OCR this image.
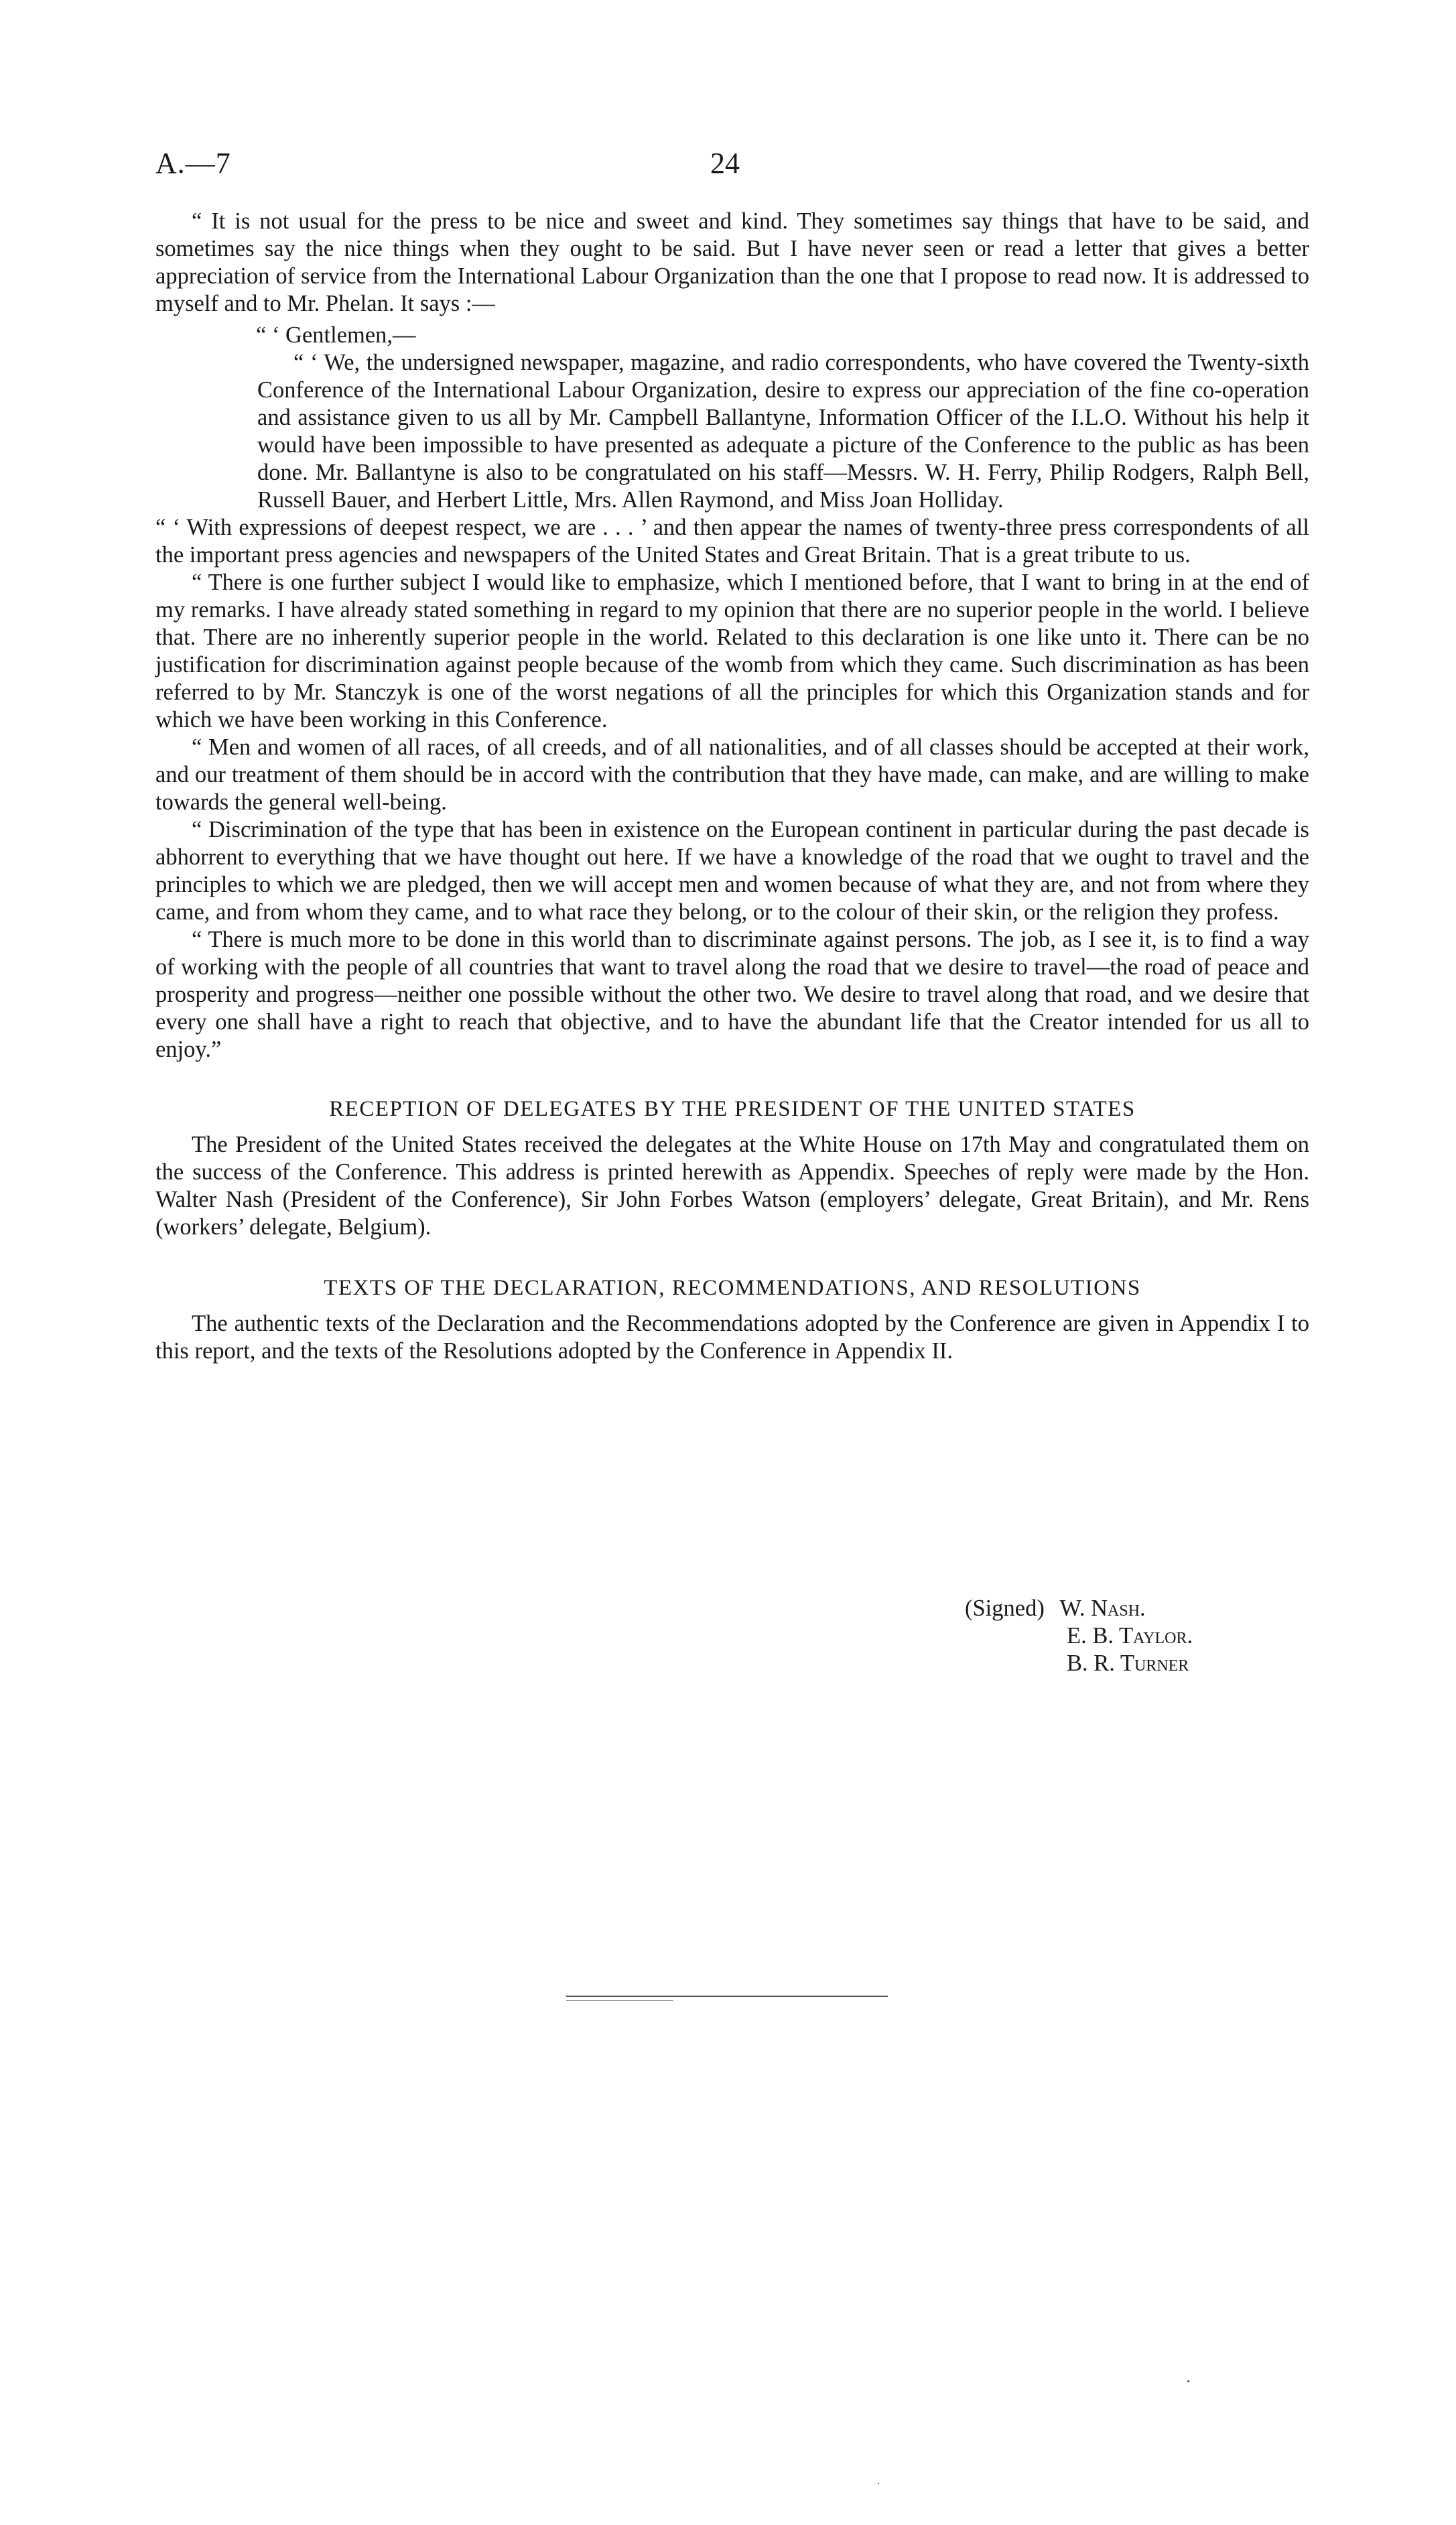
A.—7	24

“ It is not usual for the press to be nice and sweet and kind. They sometimes say things that have to be said, and sometimes say the nice things when they ought to be said. But I have never seen or read a letter that gives a better appreciation of service from the International Labour Organization than the one that I propose to read now. It is addressed to myself and to Mr. Phelan. It says :—

“ ‘ Gentlemen,—

“ ‘ We, the undersigned newspaper, magazine, and radio correspondents, who have covered the Twenty-sixth Conference of the International Labour Organization, desire to express our appreciation of the fine co-operation and assistance given to us all by Mr. Campbell Ballantyne, Information Officer of the I.L.O. Without his help it would have been impossible to have presented as adequate a picture of the Conference to the public as has been done. Mr. Ballantyne is also to be congratulated on his staff—Messrs. W. H. Ferry, Philip Rodgers, Ralph Bell, Russell Bauer, and Herbert Little, Mrs. Allen Raymond, and Miss Joan Holliday.

“ ‘ With expressions of deepest respect, we are . . . ’ and then appear the names of twenty-three press correspondents of all the important press agencies and newspapers of the United States and Great Britain. That is a great tribute to us.

“ There is one further subject I would like to emphasize, which I mentioned before, that I want to bring in at the end of my remarks. I have already stated something in regard to my opinion that there are no superior people in the world. I believe that. There are no inherently superior people in the world. Related to this declaration is one like unto it. There can be no justification for discrimination against people because of the womb from which they came. Such discrimination as has been referred to by Mr. Stanczyk is one of the worst negations of all the principles for which this Organization stands and for which we have been working in this Conference.

“ Men and women of all races, of all creeds, and of all nationalities, and of all classes should be accepted at their work, and our treatment of them should be in accord with the contribution that they have made, can make, and are willing to make towards the general well-being.

“ Discrimination of the type that has been in existence on the European continent in particular during the past decade is abhorrent to everything that we have thought out here. If we have a knowledge of the road that we ought to travel and the principles to which we are pledged, then we will accept men and women because of what they are, and not from where they came, and from whom they came, and to what race they belong, or to the colour of their skin, or the religion they profess.

“ There is much more to be done in this world than to discriminate against persons. The job, as I see it, is to find a way of working with the people of all countries that want to travel along the road that we desire to travel—the road of peace and prosperity and progress—neither one possible without the other two. We desire to travel along that road, and we desire that every one shall have a right to reach that objective, and to have the abundant life that the Creator intended for us all to enjoy.”

RECEPTION OF DELEGATES BY THE PRESIDENT OF THE UNITED STATES

The President of the United States received the delegates at the White House on 17th May and congratulated them on the success of the Conference. This address is printed herewith as Appendix. Speeches of reply were made by the Hon. Walter Nash (President of the Conference), Sir John Forbes Watson (employers’ delegate, Great Britain), and Mr. Rens (workers’ delegate, Belgium).

TEXTS OF THE DECLARATION, RECOMMENDATIONS, AND RESOLUTIONS

The authentic texts of the Declaration and the Recommendations adopted by the Conference are given in Appendix I to this report, and the texts of the Resolutions adopted by the Conference in Appendix II.

(Signed) W. Nash.
E. B. Taylor.
B. R. Turner
